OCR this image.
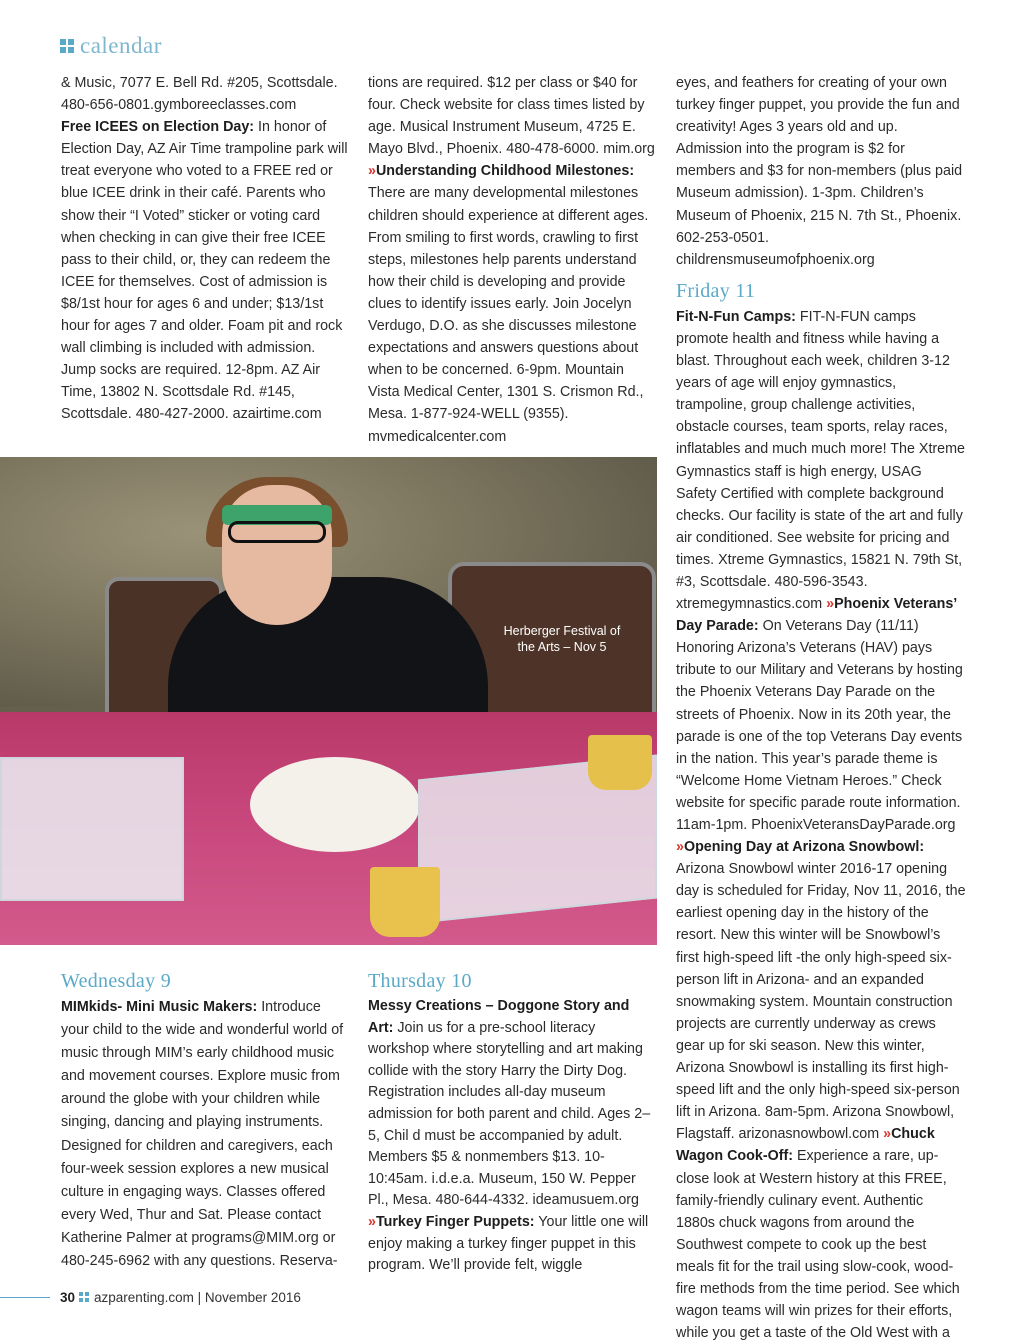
calendar

& Music, 7077 E. Bell Rd. #205, Scottsdale. 480-656-0801.gymboreeclasses.com

Free ICEES on Election Day: In honor of Election Day, AZ Air Time trampoline park will treat everyone who voted to a FREE red or blue ICEE drink in their café. Parents who show their “I Voted” sticker or voting card when checking in can give their free ICEE pass to their child, or, they can redeem the ICEE for themselves. Cost of admission is $8/1st hour for ages 6 and under; $13/1st hour for ages 7 and older. Foam pit and rock wall climbing is included with admission. Jump socks are required. 12-8pm. AZ Air Time, 13802 N. Scottsdale Rd. #145, Scottsdale. 480-427-2000. azairtime.com

tions are required. $12 per class or $40 for four. Check website for class times listed by age. Musical Instrument Museum, 4725 E. Mayo Blvd., Phoenix. 480-478-6000. mim.org

»Understanding Childhood Milestones: There are many developmental milestones children should experience at different ages. From smiling to first words, crawling to first steps, milestones help parents understand how their child is developing and provide clues to identify issues early. Join Jocelyn Verdugo, D.O. as she discusses milestone expectations and answers questions about when to be concerned. 6-9pm. Mountain Vista Medical Center, 1301 S. Crismon Rd., Mesa. 1-877-924-WELL (9355). mvmedicalcenter.com

eyes, and feathers for creating of your own turkey finger puppet, you provide the fun and creativity! Ages 3 years old and up. Admission into the program is $2 for members and $3 for non-members (plus paid Museum admission). 1-3pm. Children’s Museum of Phoenix, 215 N. 7th St., Phoenix. 602-253-0501. childrensmuseumofphoenix.org

Friday 11

Fit-N-Fun Camps: FIT-N-FUN camps promote health and fitness while having a blast. Throughout each week, children 3-12 years of age will enjoy gymnastics, trampoline, group challenge activities, obstacle courses, team sports, relay races, inflatables and much much more! The Xtreme Gymnastics staff is high energy, USAG Safety Certified with complete background checks. Our facility is state of the art and fully air conditioned. See website for pricing and times. Xtreme Gymnastics, 15821 N. 79th St, #3, Scottsdale. 480-596-3543. xtremegymnastics.com »Phoenix Veterans’ Day Parade: On Veterans Day (11/11) Honoring Arizona’s Veterans (HAV) pays tribute to our Military and Veterans by hosting the Phoenix Veterans Day Parade on the streets of Phoenix. Now in its 20th year, the parade is one of the top Veterans Day events in the nation. This year’s parade theme is “Welcome Home Vietnam Heroes.” Check website for specific parade route information. 11am-1pm. PhoenixVeteransDayParade.org »Opening Day at Arizona Snowbowl: Arizona Snowbowl winter 2016-17 opening day is scheduled for Friday, Nov 11, 2016, the earliest opening day in the history of the resort. New this winter will be Snowbowl’s first high-speed lift -the only high-speed six-person lift in Arizona- and an expanded snowmaking system. Mountain construction projects are currently underway as crews gear up for ski season. New this winter, Arizona Snowbowl is installing its first high-speed lift and the only high-speed six-person lift in Arizona. 8am-5pm. Arizona Snowbowl, Flagstaff. arizonasnowbowl.com »Chuck Wagon Cook-Off: Experience a rare, up-close look at Western history at this FREE, family-friendly culinary event. Authentic 1880s chuck wagons from around the Southwest compete to cook up the best meals fit for the trail using slow-cook, wood-fire methods from the time period. See which wagon teams will win prizes for their efforts, while you get a taste of the Old West with a

Herberger Festival of
the Arts – Nov 5
Wednesday 9

MIMkids- Mini Music Makers: Introduce your child to the wide and wonderful world of music through MIM’s early childhood music and movement courses. Explore music from around the globe with your children while singing, dancing and playing instruments. Designed for children and caregivers, each four-week session explores a new musical culture in engaging ways. Classes offered every Wed, Thur and Sat. Please contact Katherine Palmer at programs@MIM.org or 480-245-6962 with any questions. Reserva-

Thursday 10

Messy Creations – Doggone Story and Art: Join us for a pre-school literacy workshop where storytelling and art making collide with the story Harry the Dirty Dog. Registration includes all-day museum admission for both parent and child. Ages 2–5, Chil d must be accompanied by adult. Members $5 & nonmembers $13. 10-10:45am. i.d.e.a. Museum, 150 W. Pepper Pl., Mesa. 480-644-4332. ideamusuem.org »Turkey Finger Puppets: Your little one will enjoy making a turkey finger puppet in this program. We’ll provide felt, wiggle

30 azparenting.com | November 2016
